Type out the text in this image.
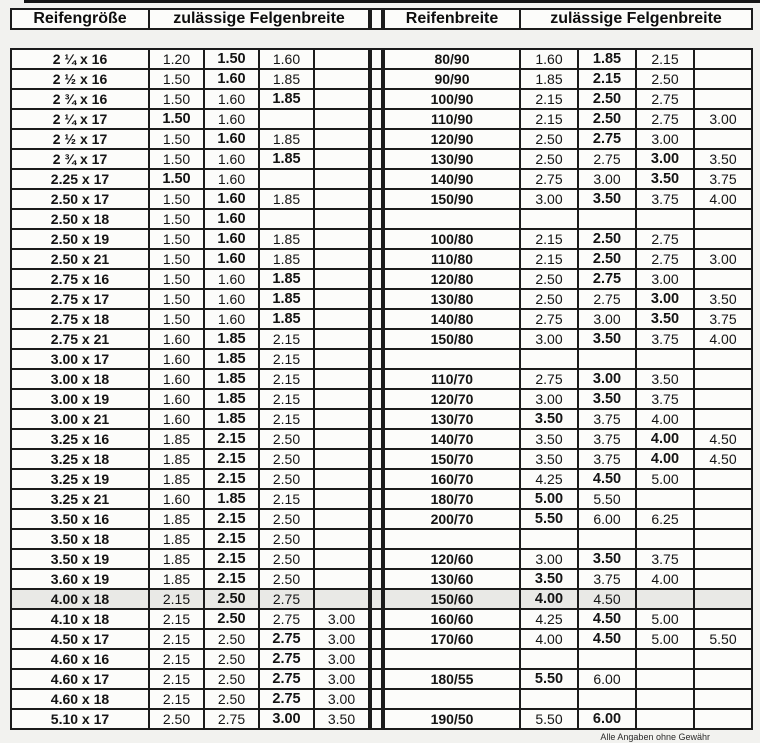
Reifengröße	zulässige Felgenbreite
2 ¼ x 16	1.20	1.50	1.60	
2 ½ x 16	1.50	1.60	1.85	
2 ¾ x 16	1.50	1.60	1.85	
2 ¼ x 17	1.50	1.60		
2 ½ x 17	1.50	1.60	1.85	
2 ¾ x 17	1.50	1.60	1.85	
2.25 x 17	1.50	1.60		
2.50 x 17	1.50	1.60	1.85	
2.50 x 18	1.50	1.60		
2.50 x 19	1.50	1.60	1.85	
2.50 x 21	1.50	1.60	1.85	
2.75 x 16	1.50	1.60	1.85	
2.75 x 17	1.50	1.60	1.85	
2.75 x 18	1.50	1.60	1.85	
2.75 x 21	1.60	1.85	2.15	
3.00 x 17	1.60	1.85	2.15	
3.00 x 18	1.60	1.85	2.15	
3.00 x 19	1.60	1.85	2.15	
3.00 x 21	1.60	1.85	2.15	
3.25 x 16	1.85	2.15	2.50	
3.25 x 18	1.85	2.15	2.50	
3.25 x 19	1.85	2.15	2.50	
3.25 x 21	1.60	1.85	2.15	
3.50 x 16	1.85	2.15	2.50	
3.50 x 18	1.85	2.15	2.50	
3.50 x 19	1.85	2.15	2.50	
3.60 x 19	1.85	2.15	2.50	
4.00 x 18	2.15	2.50	2.75	
4.10 x 18	2.15	2.50	2.75	3.00
4.50 x 17	2.15	2.50	2.75	3.00
4.60 x 16	2.15	2.50	2.75	3.00
4.60 x 17	2.15	2.50	2.75	3.00
4.60 x 18	2.15	2.50	2.75	3.00
5.10 x 17	2.50	2.75	3.00	3.50

Reifenbreite	zulässige Felgenbreite
80/90	1.60	1.85	2.15	
90/90	1.85	2.15	2.50	
100/90	2.15	2.50	2.75	
110/90	2.15	2.50	2.75	3.00
120/90	2.50	2.75	3.00	
130/90	2.50	2.75	3.00	3.50
140/90	2.75	3.00	3.50	3.75
150/90	3.00	3.50	3.75	4.00

100/80	2.15	2.50	2.75	
110/80	2.15	2.50	2.75	3.00
120/80	2.50	2.75	3.00	
130/80	2.50	2.75	3.00	3.50
140/80	2.75	3.00	3.50	3.75
150/80	3.00	3.50	3.75	4.00

110/70	2.75	3.00	3.50	
120/70	3.00	3.50	3.75	
130/70	3.50	3.75	4.00	
140/70	3.50	3.75	4.00	4.50
150/70	3.50	3.75	4.00	4.50
160/70	4.25	4.50	5.00	
180/70	5.00	5.50		
200/70	5.50	6.00	6.25	

120/60	3.00	3.50	3.75	
130/60	3.50	3.75	4.00	
150/60	4.00	4.50		
160/60	4.25	4.50	5.00	
170/60	4.00	4.50	5.00	5.50

180/55	5.50	6.00		

190/50	5.50	6.00		
Alle Angaben ohne Gewähr
